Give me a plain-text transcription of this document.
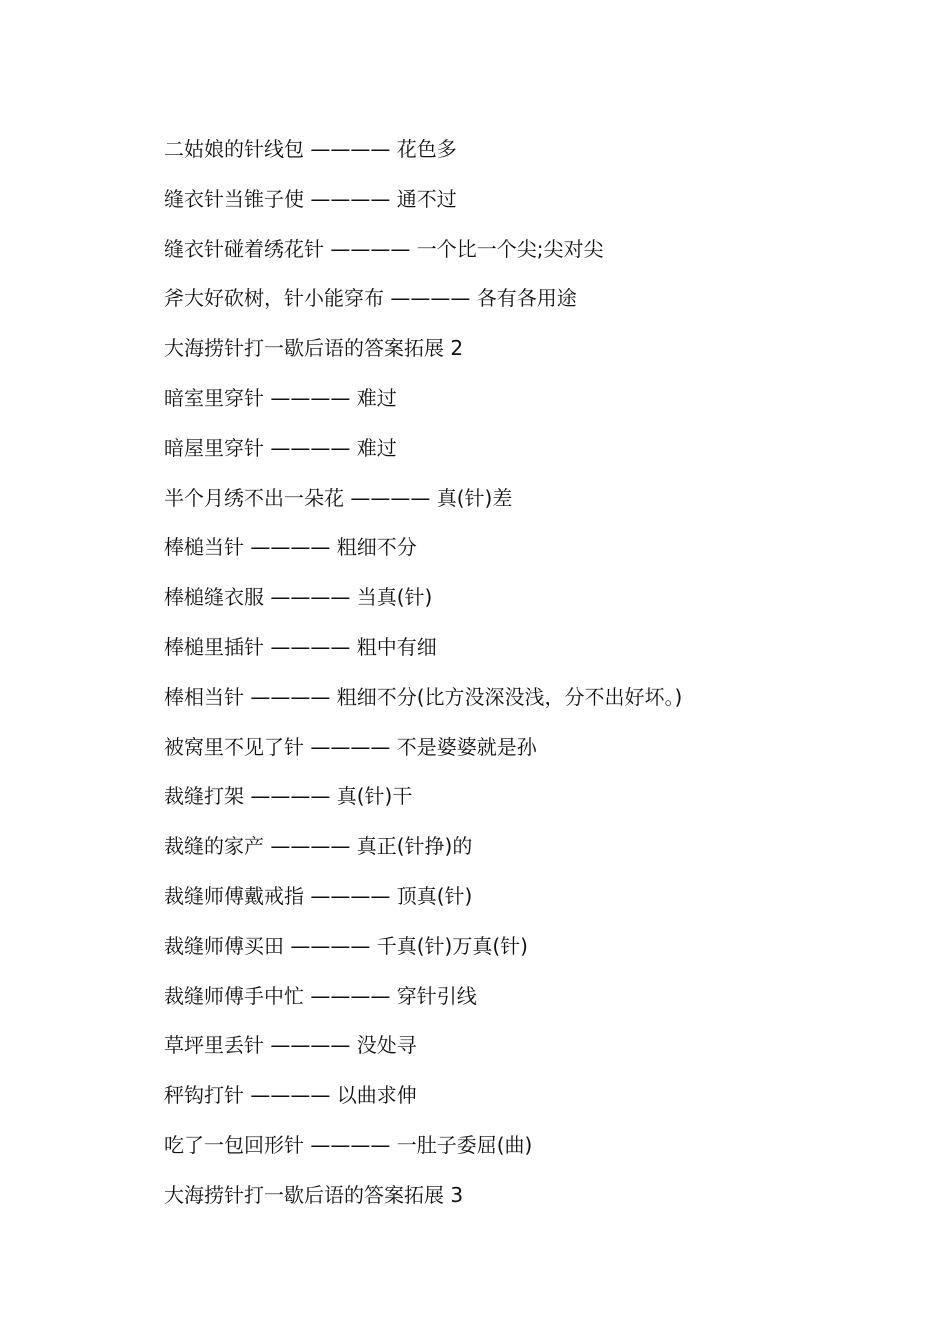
二姑娘的针线包 ———— 花色多
缝衣针当锥子使 ———— 通不过
缝衣针碰着绣花针 ———— 一个比一个尖;尖对尖
斧大好砍树，针小能穿布 ———— 各有各用途
大海捞针打一歇后语的答案拓展 2
暗室里穿针 ———— 难过
暗屋里穿针 ———— 难过
半个月绣不出一朵花 ———— 真(针)差
棒槌当针 ———— 粗细不分
棒槌缝衣服 ———— 当真(针)
棒槌里插针 ———— 粗中有细
棒相当针 ———— 粗细不分(比方没深没浅，分不出好坏。)
被窝里不见了针 ———— 不是婆婆就是孙
裁缝打架 ———— 真(针)干
裁缝的家产 ———— 真正(针挣)的
裁缝师傅戴戒指 ———— 顶真(针)
裁缝师傅买田 ———— 千真(针)万真(针)
裁缝师傅手中忙 ———— 穿针引线
草坪里丢针 ———— 没处寻
秤钩打针 ———— 以曲求伸
吃了一包回形针 ———— 一肚子委屈(曲)
大海捞针打一歇后语的答案拓展 3
